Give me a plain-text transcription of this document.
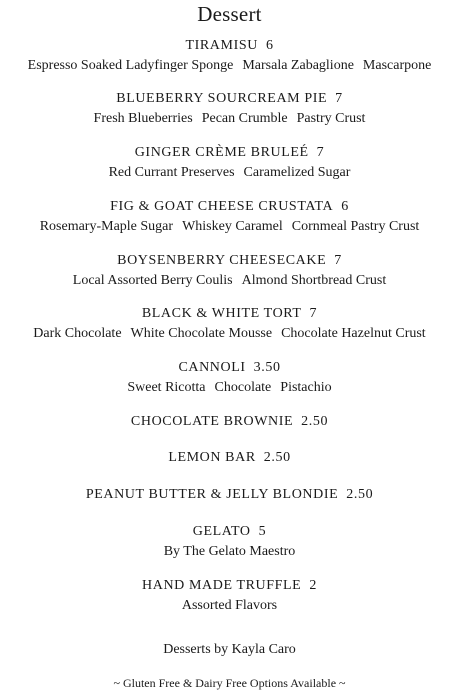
Dessert
TIRAMISU 6
Espresso Soaked Ladyfinger Sponge Marsala Zabaglione Mascarpone
BLUEBERRY SOURCREAM PIE 7
Fresh Blueberries Pecan Crumble Pastry Crust
GINGER CRÈME BRULEÉ 7
Red Currant Preserves Caramelized Sugar
FIG & GOAT CHEESE CRUSTATA 6
Rosemary-Maple Sugar Whiskey Caramel Cornmeal Pastry Crust
BOYSENBERRY CHEESECAKE 7
Local Assorted Berry Coulis Almond Shortbread Crust
BLACK & WHITE TORT 7
Dark Chocolate White Chocolate Mousse Chocolate Hazelnut Crust
CANNOLI 3.50
Sweet Ricotta Chocolate Pistachio
CHOCOLATE BROWNIE 2.50
LEMON BAR 2.50
PEANUT BUTTER & JELLY BLONDIE 2.50
GELATO 5
By The Gelato Maestro
HAND MADE TRUFFLE 2
Assorted Flavors
Desserts by Kayla Caro
~ Gluten Free & Dairy Free Options Available ~
